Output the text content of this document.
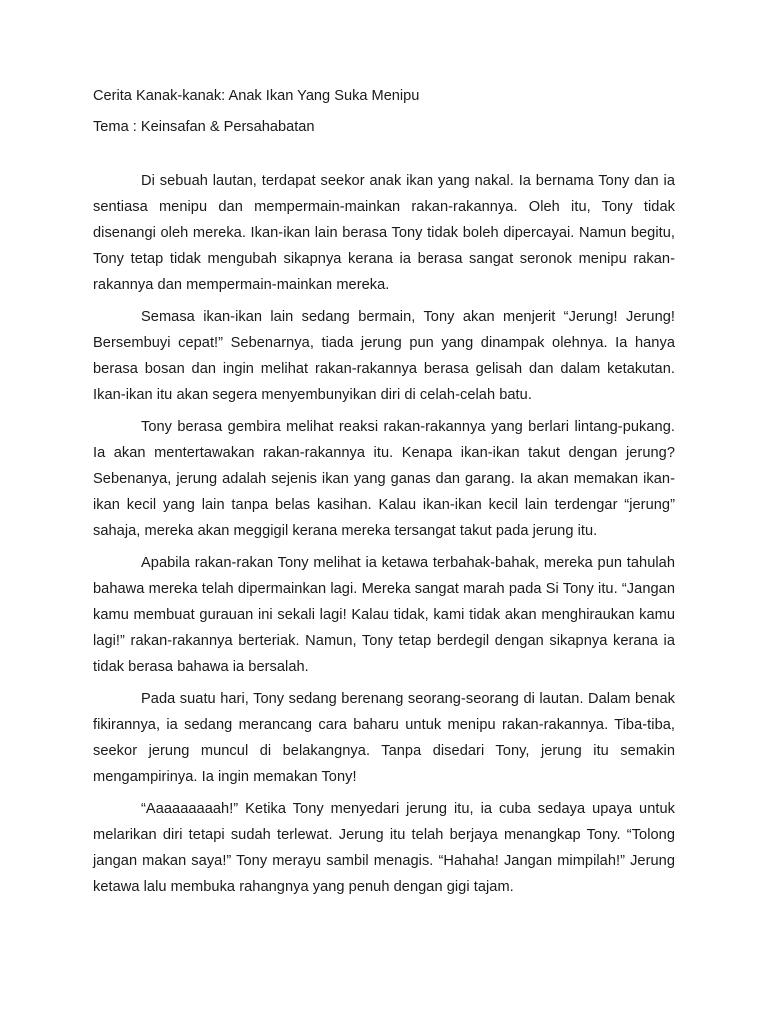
Cerita Kanak-kanak: Anak Ikan Yang Suka Menipu

Tema : Keinsafan & Persahabatan

Di sebuah lautan, terdapat seekor anak ikan yang nakal. Ia bernama Tony dan ia sentiasa menipu dan mempermain-mainkan rakan-rakannya. Oleh itu, Tony tidak disenangi oleh mereka. Ikan-ikan lain berasa Tony tidak boleh dipercayai. Namun begitu, Tony tetap tidak mengubah sikapnya kerana ia berasa sangat seronok menipu rakan-rakannya dan mempermain-mainkan mereka.

Semasa ikan-ikan lain sedang bermain, Tony akan menjerit “Jerung! Jerung! Bersembuyi cepat!” Sebenarnya, tiada jerung pun yang dinampak olehnya. Ia hanya berasa bosan dan ingin melihat rakan-rakannya berasa gelisah dan dalam ketakutan. Ikan-ikan itu akan segera menyembunyikan diri di celah-celah batu.

Tony berasa gembira melihat reaksi rakan-rakannya yang berlari lintang-pukang. Ia akan mentertawakan rakan-rakannya itu. Kenapa ikan-ikan takut dengan jerung? Sebenanya, jerung adalah sejenis ikan yang ganas dan garang. Ia akan memakan ikan-ikan kecil yang lain tanpa belas kasihan. Kalau ikan-ikan kecil lain terdengar “jerung” sahaja, mereka akan meggigil kerana mereka tersangat takut pada jerung itu.

Apabila rakan-rakan Tony melihat ia ketawa terbahak-bahak, mereka pun tahulah bahawa mereka telah dipermainkan lagi. Mereka sangat marah pada Si Tony itu. “Jangan kamu membuat gurauan ini sekali lagi! Kalau tidak, kami tidak akan menghiraukan kamu lagi!” rakan-rakannya berteriak. Namun, Tony tetap berdegil dengan sikapnya kerana ia tidak berasa bahawa ia bersalah.

Pada suatu hari, Tony sedang berenang seorang-seorang di lautan. Dalam benak fikirannya, ia sedang merancang cara baharu untuk menipu rakan-rakannya. Tiba-tiba, seekor jerung muncul di belakangnya. Tanpa disedari Tony, jerung itu semakin mengampirinya. Ia ingin memakan Tony!

“Aaaaaaaaah!” Ketika Tony menyedari jerung itu, ia cuba sedaya upaya untuk melarikan diri tetapi sudah terlewat. Jerung itu telah berjaya menangkap Tony. “Tolong jangan makan saya!” Tony merayu sambil menagis. “Hahaha! Jangan mimpilah!” Jerung ketawa lalu membuka rahangnya yang penuh dengan gigi tajam.
